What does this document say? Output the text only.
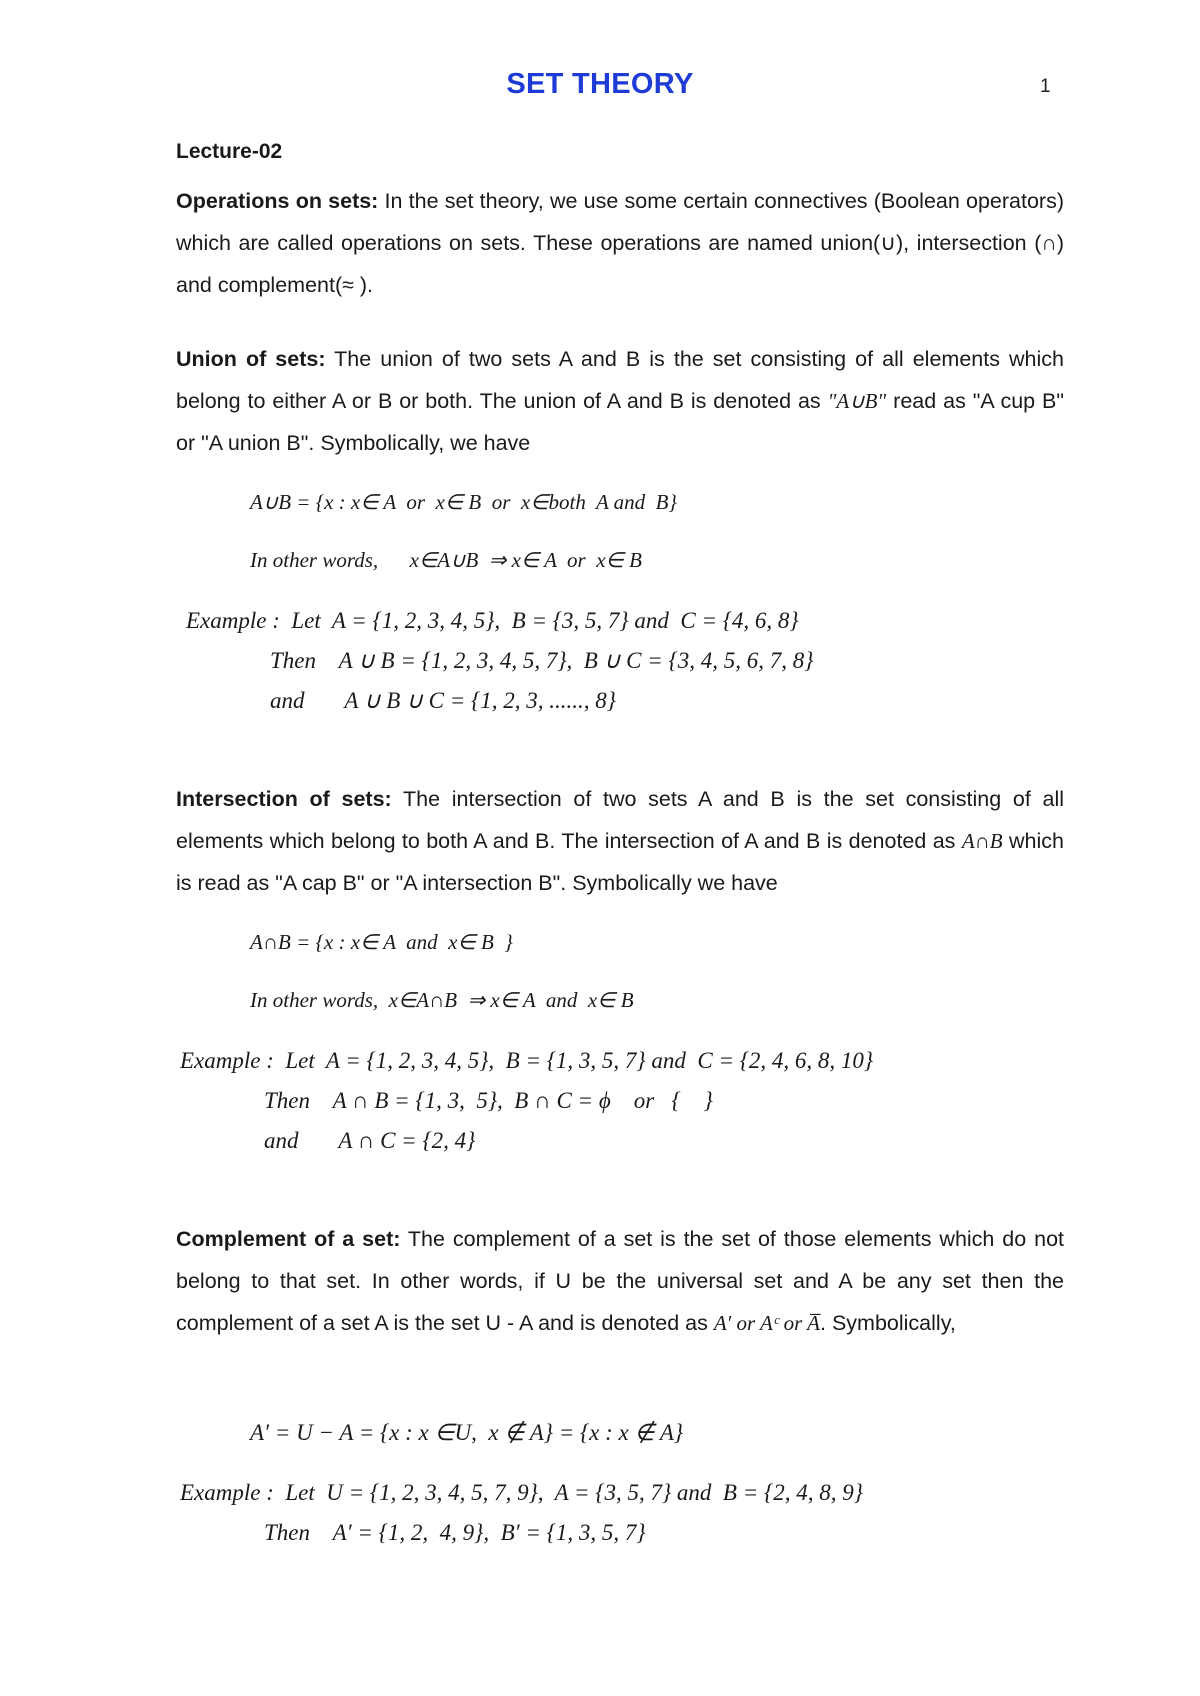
SET THEORY	1
Lecture-02
Operations on sets: In the set theory, we use some certain connectives (Boolean operators) which are called operations on sets. These operations are named union(∪), intersection (∩) and complement(≈ ).
Union of sets: The union of two sets A and B is the set consisting of all elements which belong to either A or B or both. The union of A and B is denoted as "A∪B" read as "A cup B" or "A union B". Symbolically, we have
A∪B = {x : x∈ A  or  x∈ B  or  x∈both  A and  B}
In other words,      x∈A∪B  ⇒ x∈ A  or  x∈ B
Example :  Let  A = {1, 2, 3, 4, 5},  B = {3, 5, 7} and  C = {4, 6, 8}
Then    A ∪ B = {1, 2, 3, 4, 5, 7},  B ∪ C = {3, 4, 5, 6, 7, 8}
and       A ∪ B ∪ C = {1, 2, 3, ......, 8}
Intersection of sets: The intersection of two sets A and B is the set consisting of all elements which belong to both A and B. The intersection of A and B is denoted as A∩B which is read as "A cap B" or "A intersection B". Symbolically we have
A∩B = {x : x∈ A  and  x∈ B  }
In other words,  x∈A∩B  ⇒ x∈ A  and  x∈ B
Example :  Let  A = {1, 2, 3, 4, 5},  B = {1, 3, 5, 7} and  C = {2, 4, 6, 8, 10}
Then    A ∩ B = {1, 3,  5},  B ∩ C = ϕ    or   {    }
and       A ∩ C = {2, 4}
Complement of a set: The complement of a set is the set of those elements which do not belong to that set. In other words, if U be the universal set and A be any set then the complement of a set A is the set U - A and is denoted as A′ or Aᶜ or A̅. Symbolically,
A′ = U − A = {x : x ∈U,  x ∉ A} = {x : x ∉ A}
Example :  Let  U = {1, 2, 3, 4, 5, 7, 9},  A = {3, 5, 7} and  B = {2, 4, 8, 9}
Then    A′ = {1, 2,  4, 9},  B′ = {1, 3, 5, 7}
